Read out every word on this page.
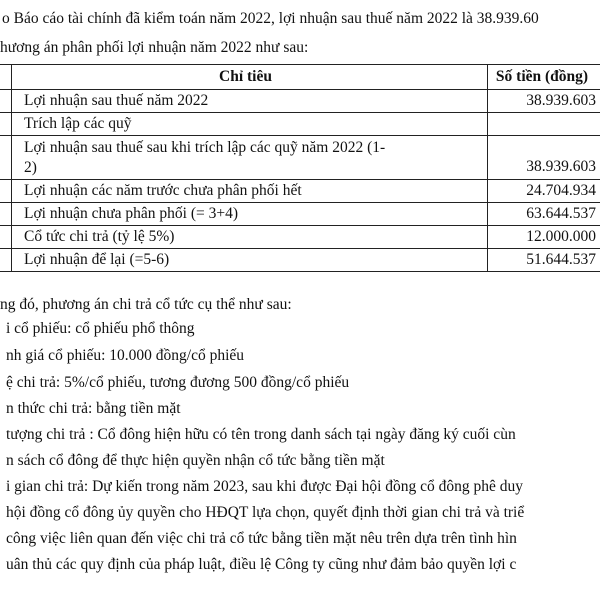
o Báo cáo tài chính đã kiểm toán năm 2022, lợi nhuận sau thuế năm 2022 là 38.939.60
hương án phân phối lợi nhuận năm 2022 như sau:
	Chỉ tiêu	Số tiền (đồng)
	Lợi nhuận sau thuế năm 2022	38.939.603
	Trích lập các quỹ	

	Lợi nhuận sau thuế sau khi trích lập các quỹ năm 2022 (1-
2)	38.939.603
	Lợi nhuận các năm trước chưa phân phối hết	24.704.934
	Lợi nhuận chưa phân phối (= 3+4)	63.644.537
	Cổ tức chi trả (tỷ lệ 5%)	12.000.000
	Lợi nhuận để lại (=5-6)	51.644.537
ng đó, phương án chi trả cổ tức cụ thể như sau:
i cổ phiếu: cổ phiếu phổ thông
nh giá cổ phiếu: 10.000 đồng/cổ phiếu
ệ chi trả: 5%/cổ phiếu, tương đương 500 đồng/cổ phiếu
n thức chi trả: bằng tiền mặt
tượng chi trả : Cổ đông hiện hữu có tên trong danh sách tại ngày đăng ký cuối cùn
n sách cổ đông để thực hiện quyền nhận cổ tức bằng tiền mặt
i gian chi trả: Dự kiến trong năm 2023, sau khi được Đại hội đồng cổ đông phê duy
hội đồng cổ đông ủy quyền cho HĐQT lựa chọn, quyết định thời gian chi trả và triể
công việc liên quan đến việc chi trả cổ tức bằng tiền mặt nêu trên dựa trên tình hìn
uân thủ các quy định của pháp luật, điều lệ Công ty cũng như đảm bảo quyền lợi c
